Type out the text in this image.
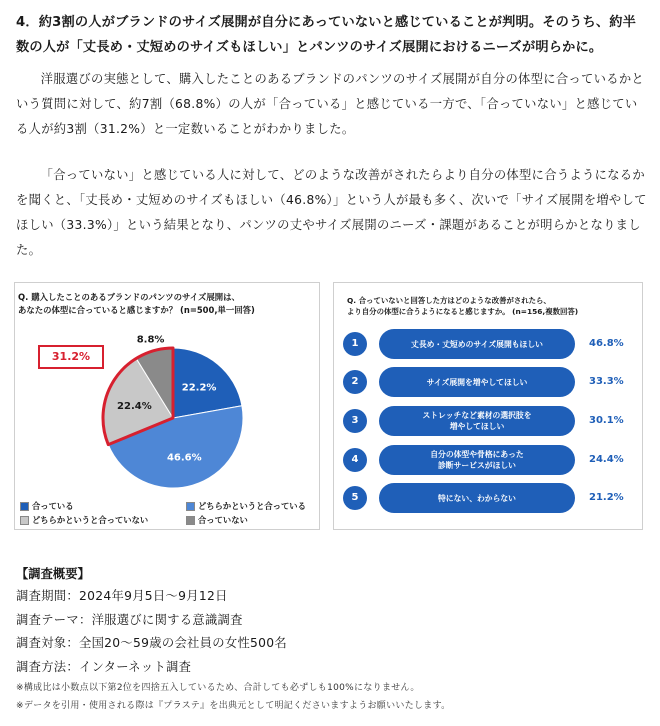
4．約3割の人がブランドのサイズ展開が自分にあっていないと感じていることが判明。そのうち、約半数の人が「丈長め・丈短めのサイズもほしい」とパンツのサイズ展開におけるニーズが明らかに。
洋服選びの実態として、購入したことのあるブランドのパンツのサイズ展開が自分の体型に合っているかという質問に対して、約7割（68.8%）の人が「合っている」と感じている一方で、「合っていない」と感じている人が約3割（31.2%）と一定数いることがわかりました。
「合っていない」と感じている人に対して、どのような改善がされたらより自分の体型に合うようになるかを聞くと、「丈長め・丈短めのサイズもほしい（46.8%）」という人が最も多く、次いで「サイズ展開を増やしてほしい（33.3%）」という結果となり、パンツの丈やサイズ展開のニーズ・課題があることが明らかとなりました。
22.2%
46.6%
22.4%
8.8%
Q. 購入したことのあるブランドのパンツのサイズ展開は、
あなたの体型に合っていると感じますか？ (n=500,単一回答)
31.2%
合っている	どちらかというと合っている
どちらかというと合っていない	合っていない
Q. 合っていないと回答した方はどのような改善がされたら、
より自分の体型に合うようになると感じますか。 (n=156,複数回答)
1	丈長め・丈短めのサイズ展開もほしい	46.8%
2	サイズ展開を増やしてほしい	33.3%
3	ストレッチなど素材の選択肢を
増やしてほしい
30.1%
4	自分の体型や骨格にあった
診断サービスがほしい
24.4%
5	特にない、わからない	21.2%
【調査概要】
調査期間：2024年9月5日〜9月12日
調査テーマ：洋服選びに関する意識調査
調査対象：全国20〜59歳の会社員の女性500名
調査方法：インターネット調査
※構成比は小数点以下第2位を四捨五入しているため、合計しても必ずしも100%になりません。
※データを引用・使用される際は『プラステ』を出典元として明記くださいますようお願いいたします。
